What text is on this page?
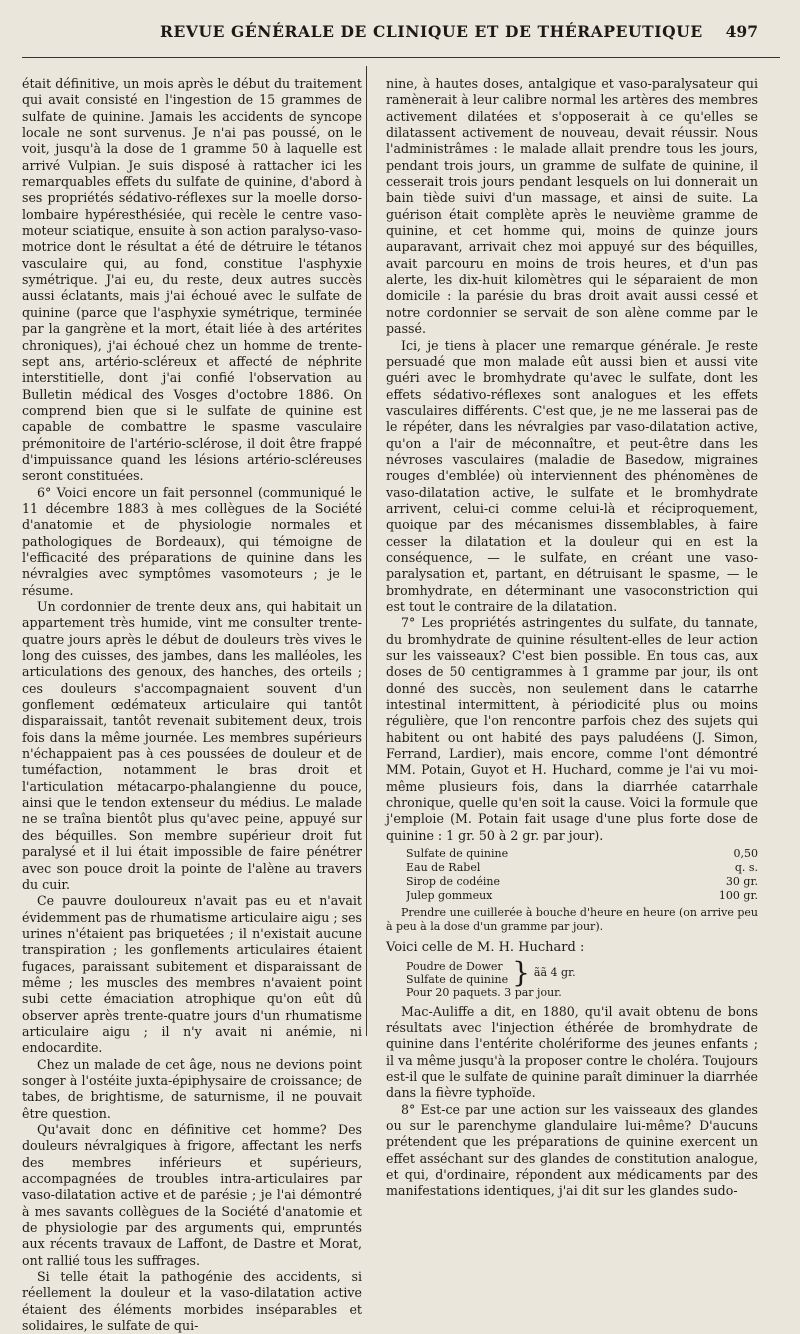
REVUE GÉNÉRALE DE CLINIQUE ET DE THÉRAPEUTIQUE 497

était définitive, un mois après le début du traitement qui avait consisté en l'ingestion de 15 grammes de sulfate de quinine. Jamais les accidents de syncope locale ne sont survenus. Je n'ai pas poussé, on le voit, jusqu'à la dose de 1 gramme 50 à laquelle est arrivé Vulpian. Je suis disposé à rattacher ici les remarquables effets du sulfate de quinine, d'abord à ses propriétés sédativo-réflexes sur la moelle dorso-lombaire hypéresthésiée, qui recèle le centre vaso-moteur sciatique, ensuite à son action paralyso-vaso-motrice dont le résultat a été de détruire le tétanos vasculaire qui, au fond, constitue l'asphyxie symétrique. J'ai eu, du reste, deux autres succès aussi éclatants, mais j'ai échoué avec le sulfate de quinine (parce que l'asphyxie symétrique, terminée par la gangrène et la mort, était liée à des artérites chroniques), j'ai échoué chez un homme de trente-sept ans, artério-scléreux et affecté de néphrite interstitielle, dont j'ai confié l'observation au Bulletin médical des Vosges d'octobre 1886. On comprend bien que si le sulfate de quinine est capable de combattre le spasme vasculaire prémonitoire de l'artério-sclérose, il doit être frappé d'impuissance quand les lésions artério-scléreuses seront constituées.

6° Voici encore un fait personnel (communiqué le 11 décembre 1883 à mes collègues de la Société d'anatomie et de physiologie normales et pathologiques de Bordeaux), qui témoigne de l'efficacité des préparations de quinine dans les névralgies avec symptômes vasomoteurs ; je le résume.

Un cordonnier de trente deux ans, qui habitait un appartement très humide, vint me consulter trente-quatre jours après le début de douleurs très vives le long des cuisses, des jambes, dans les malléoles, les articulations des genoux, des hanches, des orteils ; ces douleurs s'accompagnaient souvent d'un gonflement œdémateux articulaire qui tantôt disparaissait, tantôt revenait subitement deux, trois fois dans la même journée. Les membres supérieurs n'échappaient pas à ces poussées de douleur et de tuméfaction, notamment le bras droit et l'articulation métacarpo-phalangienne du pouce, ainsi que le tendon extenseur du médius. Le malade ne se traîna bientôt plus qu'avec peine, appuyé sur des béquilles. Son membre supérieur droit fut paralysé et il lui était impossible de faire pénétrer avec son pouce droit la pointe de l'alène au travers du cuir.

Ce pauvre douloureux n'avait pas eu et n'avait évidemment pas de rhumatisme articulaire aigu ; ses urines n'étaient pas briquetées ; il n'existait aucune transpiration ; les gonflements articulaires étaient fugaces, paraissant subitement et disparaissant de même ; les muscles des membres n'avaient point subi cette émaciation atrophique qu'on eût dû observer après trente-quatre jours d'un rhumatisme articulaire aigu ; il n'y avait ni anémie, ni endocardite.

Chez un malade de cet âge, nous ne devions point songer à l'ostéite juxta-épiphysaire de croissance; de tabes, de brightisme, de saturnisme, il ne pouvait être question.

Qu'avait donc en définitive cet homme? Des douleurs névralgiques à frigore, affectant les nerfs des membres inférieurs et supérieurs, accompagnées de troubles intra-articulaires par vaso-dilatation active et de parésie ; je l'ai démontré à mes savants collègues de la Société d'anatomie et de physiologie par des arguments qui, empruntés aux récents travaux de Laffont, de Dastre et Morat, ont rallié tous les suffrages.

Si telle était la pathogénie des accidents, si réellement la douleur et la vaso-dilatation active étaient des éléments morbides inséparables et solidaires, le sulfate de qui-

nine, à hautes doses, antalgique et vaso-paralysateur qui ramènerait à leur calibre normal les artères des membres activement dilatées et s'opposerait à ce qu'elles se dilatassent activement de nouveau, devait réussir. Nous l'administrâmes : le malade allait prendre tous les jours, pendant trois jours, un gramme de sulfate de quinine, il cesserait trois jours pendant lesquels on lui donnerait un bain tiède suivi d'un massage, et ainsi de suite. La guérison était complète après le neuvième gramme de quinine, et cet homme qui, moins de quinze jours auparavant, arrivait chez moi appuyé sur des béquilles, avait parcouru en moins de trois heures, et d'un pas alerte, les dix-huit kilomètres qui le séparaient de mon domicile : la parésie du bras droit avait aussi cessé et notre cordonnier se servait de son alène comme par le passé.

Ici, je tiens à placer une remarque générale. Je reste persuadé que mon malade eût aussi bien et aussi vite guéri avec le bromhydrate qu'avec le sulfate, dont les effets sédativo-réflexes sont analogues et les effets vasculaires différents. C'est que, je ne me lasserai pas de le répéter, dans les névralgies par vaso-dilatation active, qu'on a l'air de méconnaître, et peut-être dans les névroses vasculaires (maladie de Basedow, migraines rouges d'emblée) où interviennent des phénomènes de vaso-dilatation active, le sulfate et le bromhydrate arrivent, celui-ci comme celui-là et réciproquement, quoique par des mécanismes dissemblables, à faire cesser la dilatation et la douleur qui en est la conséquence, — le sulfate, en créant une vaso-paralysation et, partant, en détruisant le spasme, — le bromhydrate, en déterminant une vasoconstriction qui est tout le contraire de la dilatation.

7° Les propriétés astringentes du sulfate, du tannate, du bromhydrate de quinine résultent-elles de leur action sur les vaisseaux? C'est bien possible. En tous cas, aux doses de 50 centigrammes à 1 gramme par jour, ils ont donné des succès, non seulement dans le catarrhe intestinal intermittent, à périodicité plus ou moins régulière, que l'on rencontre parfois chez des sujets qui habitent ou ont habité des pays paludéens (J. Simon, Ferrand, Lardier), mais encore, comme l'ont démontré MM. Potain, Guyot et H. Huchard, comme je l'ai vu moi-même plusieurs fois, dans la diarrhée catarrhale chronique, quelle qu'en soit la cause. Voici la formule que j'emploie (M. Potain fait usage d'une plus forte dose de quinine : 1 gr. 50 à 2 gr. par jour).

Sulfate de quinine	0,50
Eau de Rabel	q. s.
Sirop de codéine	30 gr.
Julep gommeux	100 gr.

Prendre une cuillerée à bouche d'heure en heure (on arrive peu à peu à la dose d'un gramme par jour).

Voici celle de M. H. Huchard :
Poudre de Dower
Sulfate de quinine } ãã 4 gr.
Pour 20 paquets. 3 par jour.

Mac-Auliffe a dit, en 1880, qu'il avait obtenu de bons résultats avec l'injection éthérée de bromhydrate de quinine dans l'entérite cholériforme des jeunes enfants ; il va même jusqu'à la proposer contre le choléra. Toujours est-il que le sulfate de quinine paraît diminuer la diarrhée dans la fièvre typhoïde.

8° Est-ce par une action sur les vaisseaux des glandes ou sur le parenchyme glandulaire lui-même? D'aucuns prétendent que les préparations de quinine exercent un effet asséchant sur des glandes de constitution analogue, et qui, d'ordinaire, répondent aux médicaments par des manifestations identiques, j'ai dit sur les glandes sudo-
